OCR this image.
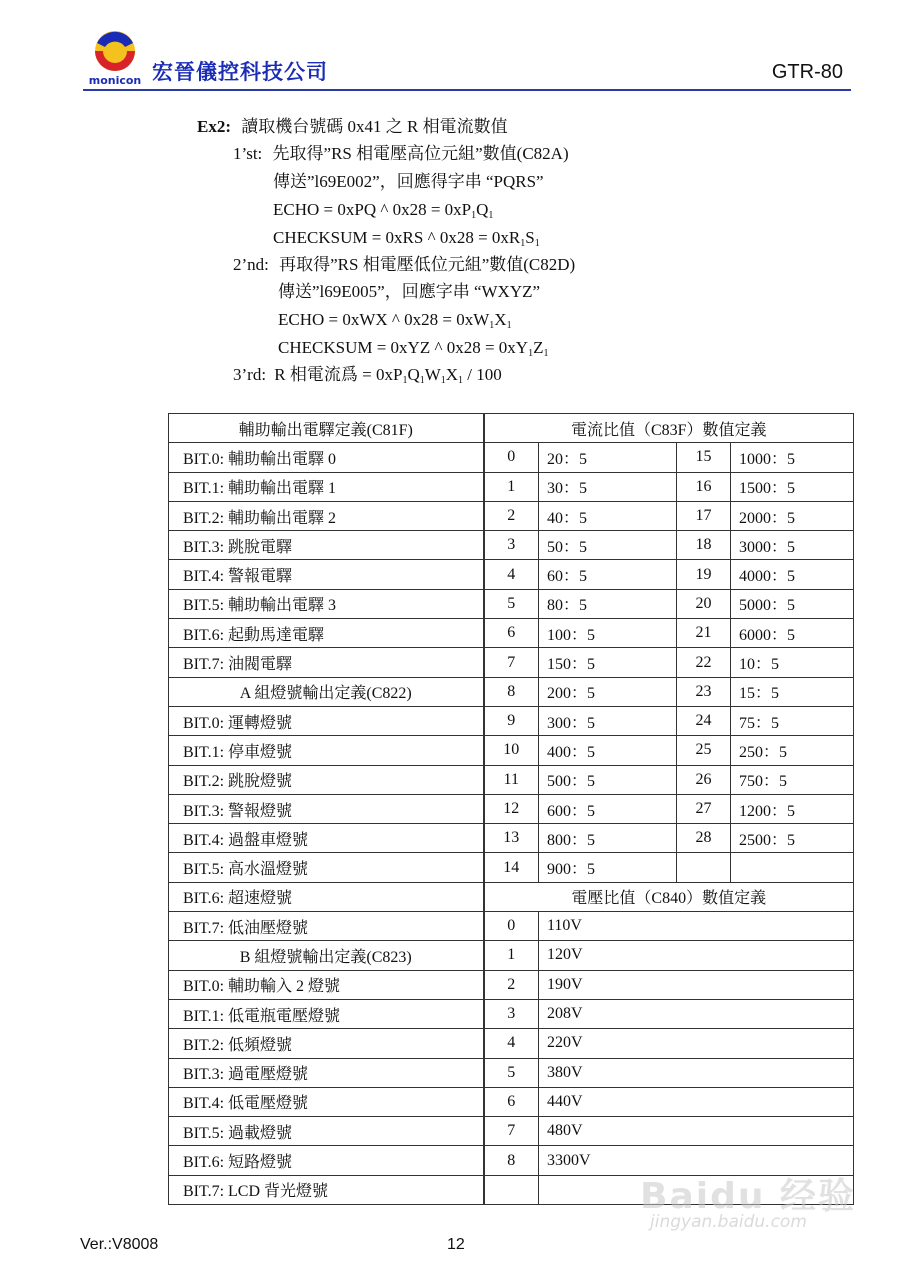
monicon 宏晉儀控科技公司	GTR-80
Ex2: 讀取機台號碼 0x41 之 R 相電流數值
1’st: 先取得”RS 相電壓高位元組”數值(C82A)
傳送”l69E002”，回應得字串 “PQRS”
ECHO = 0xPQ ^ $0x28 = 0xP_1Q_1$
CHECKSUM = 0xRS ^ $0x28 = 0xR_1S_1$
2’nd: 再取得”RS 相電壓低位元組”數值(C82D)
傳送”l69E005”，回應字串 “WXYZ”
ECHO = 0xWX ^ $0x28 = 0xW_1X_1$
CHECKSUM = 0xYZ ^ $0x28 = 0xY_1Z_1$
3’rd: R 相電流爲 = $0xP_1Q_1W_1X_1 / 100$
輔助輸出電驛定義(C81F)	電流比值（C83F）數值定義			
BIT.0: 輔助輸出電驛 0	0	20：5	15	1000：5
BIT.1: 輔助輸出電驛 1	1	30：5	16	1500：5
BIT.2: 輔助輸出電驛 2	2	40：5	17	2000：5
BIT.3: 跳脫電驛	3	50：5	18	3000：5
BIT.4: 警報電驛	4	60：5	19	4000：5
BIT.5: 輔助輸出電驛 3	5	80：5	20	5000：5
BIT.6: 起動馬達電驛	6	100：5	21	6000：5
BIT.7: 油閥電驛	7	150：5	22	10：5
A 組燈號輸出定義(C822)	8	200：5	23	15：5
BIT.0: 運轉燈號	9	300：5	24	75：5
BIT.1: 停車燈號	10	400：5	25	250：5
BIT.2: 跳脫燈號	11	500：5	26	750：5
BIT.3: 警報燈號	12	600：5	27	1200：5
BIT.4: 過盤車燈號	13	800：5	28	2500：5
BIT.5: 高水溫燈號	14	900：5		
BIT.6: 超速燈號	電壓比值（C840）數值定義			
BIT.7: 低油壓燈號	0	110V		
B 組燈號輸出定義(C823)	1	120V		
BIT.0: 輔助輸入 2 燈號	2	190V		
BIT.1: 低電瓶電壓燈號	3	208V		
BIT.2: 低頻燈號	4	220V		
BIT.3: 過電壓燈號	5	380V		
BIT.4: 低電壓燈號	6	440V		
BIT.5: 過載燈號	7	480V		
BIT.6: 短路燈號	8	3300V		
BIT.7: LCD 背光燈號				
Ver.:V8008	12
Baidu 经验
jingyan.baidu.com
